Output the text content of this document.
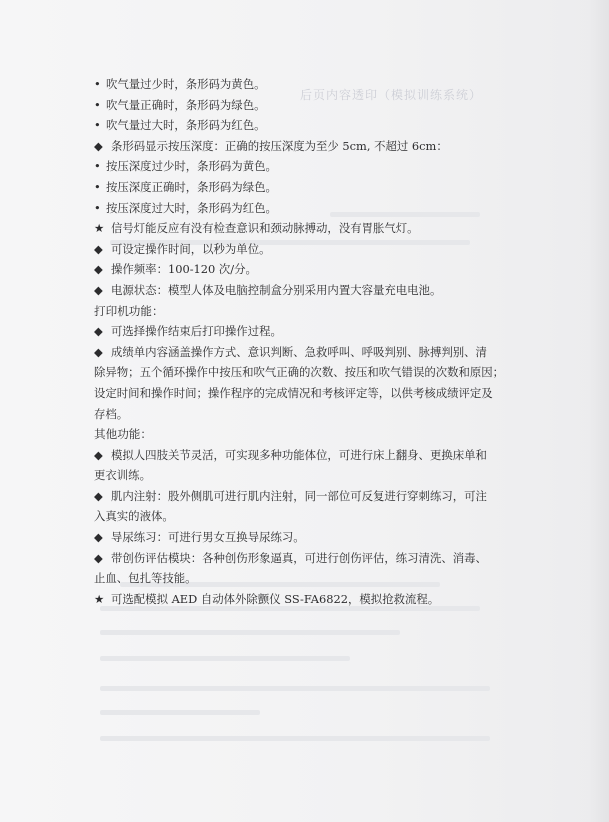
后页内容透印（模拟训练系统）
• 吹气量过少时，条形码为黄色。
• 吹气量正确时，条形码为绿色。
• 吹气量过大时，条形码为红色。
◆ 条形码显示按压深度：正确的按压深度为至少 5cm, 不超过 6cm：
• 按压深度过少时，条形码为黄色。
• 按压深度正确时，条形码为绿色。
• 按压深度过大时，条形码为红色。
★ 信号灯能反应有没有检查意识和颈动脉搏动，没有胃胀气灯。
◆ 可设定操作时间，以秒为单位。
◆ 操作频率：100-120 次/分。
◆ 电源状态：模型人体及电脑控制盒分别采用内置大容量充电电池。
打印机功能：
◆ 可选择操作结束后打印操作过程。
◆ 成绩单内容涵盖操作方式、意识判断、急救呼叫、呼吸判别、脉搏判别、清
除异物；五个循环操作中按压和吹气正确的次数、按压和吹气错误的次数和原因；
设定时间和操作时间；操作程序的完成情况和考核评定等，以供考核成绩评定及
存档。
其他功能：
◆ 模拟人四肢关节灵活，可实现多种功能体位，可进行床上翻身、更换床单和
更衣训练。
◆ 肌内注射：股外侧肌可进行肌内注射，同一部位可反复进行穿刺练习，可注
入真实的液体。
◆ 导尿练习：可进行男女互换导尿练习。
◆ 带创伤评估模块：各种创伤形象逼真，可进行创伤评估，练习清洗、消毒、
止血、包扎等技能。
★ 可选配模拟 AED 自动体外除颤仪 SS-FA6822，模拟抢救流程。
